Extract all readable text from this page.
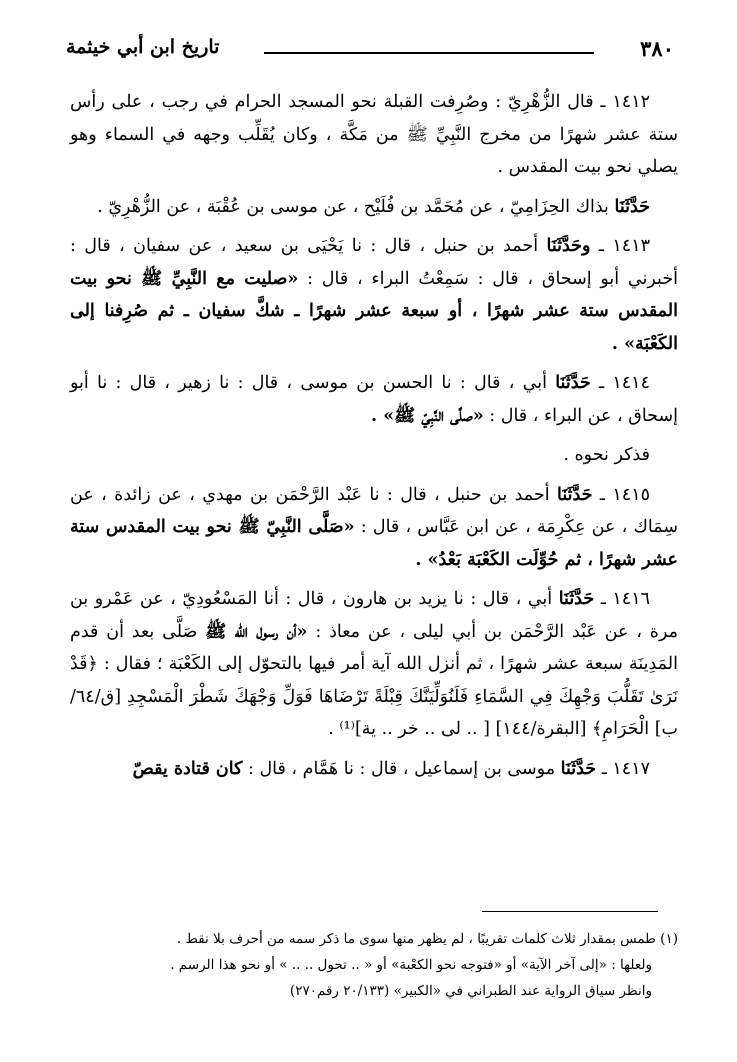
٣٨٠
تاريخ ابن أبي خيثمة

١٤١٢ ـ قال الزُّهْرِيّ : وصُرِفت القبلة نحو المسجد الحرام في رجب ، على رأس ستة عشر شهرًا من مخرج النَّبِيِّ ﷺ من مَكَّة ، وكان يُقَلِّب وجهه في السماء وهو يصلي نحو بيت المقدس .

حَدَّثَنَا بذاك الحِزَامِيّ ، عن مُحَمَّد بن فُلَيْح ، عن موسى بن عُقْبَة ، عن الزُّهْرِيّ .

١٤١٣ ـ وحَدَّثَنَا أحمد بن حنبل ، قال : نا يَحْيَى بن سعيد ، عن سفيان ، قال : أخبرني أبو إسحاق ، قال : سَمِعْتُ البراء ، قال : «صليت مع النَّبِيِّ ﷺ نحو بيت المقدس ستة عشر شهرًا ، أو سبعة عشر شهرًا ـ شكَّ سفيان ـ ثم صُرِفنا إلى الكَعْبَة» .

١٤١٤ ـ حَدَّثَنَا أبي ، قال : نا الحسن بن موسى ، قال : نا زهير ، قال : نا أبو إسحاق ، عن البراء ، قال : «صلَّى النَّبِيّ ﷺ» .

فذكر نحوه .

١٤١٥ ـ حَدَّثَنَا أحمد بن حنبل ، قال : نا عَبْد الرَّحْمَن بن مهدي ، عن زائدة ، عن سِمَاك ، عن عِكْرِمَة ، عن ابن عَبَّاس ، قال : «صَلَّى النَّبِيّ ﷺ نحو بيت المقدس ستة عشر شهرًا ، ثم حُوِّلَت الكَعْبَة بَعْدُ» .

١٤١٦ ـ حَدَّثَنَا أبي ، قال : نا يزيد بن هارون ، قال : أنا المَسْعُودِيّ ، عن عَمْرو بن مرة ، عن عَبْد الرَّحْمَن بن أبي ليلى ، عن معاذ : «أن رسول الله ﷺ صَلَّى بعد أن قدم المَدِينَة سبعة عشر شهرًا ، ثم أنزل الله آية أمر فيها بالتحوّل إلى الكَعْبَة ؛ فقال : ﴿قَدْ نَرَىٰ تَقَلُّبَ وَجْهِكَ فِي السَّمَاءِ فَلَنُوَلِّيَنَّكَ قِبْلَةً تَرْضَاهَا فَوَلِّ وَجْهَكَ شَطْرَ الْمَسْجِدِ [ق/٦٤/ب] الْحَرَامِ﴾ [البقرة/١٤٤] [ .. لى .. خر .. ية]⁽¹⁾ .

١٤١٧ ـ حَدَّثَنَا موسى بن إسماعيل ، قال : نا هَمَّام ، قال : كان قتادة يقصّ

(١) طمس بمقدار ثلاث كلمات تقريبًا ، لم يظهر منها سوى ما ذكر سمه من أحرف بلا نقط .

ولعلها : «إلى آخر الآية» أو «فتوجه نحو الكعْبة» أو « .. تحول .. .. » أو نحو هذا الرسم .

وانظر سياق الرواية عند الطبراني في «الكبير» (٢٠/١٣٣ رقم٢٧٠)
